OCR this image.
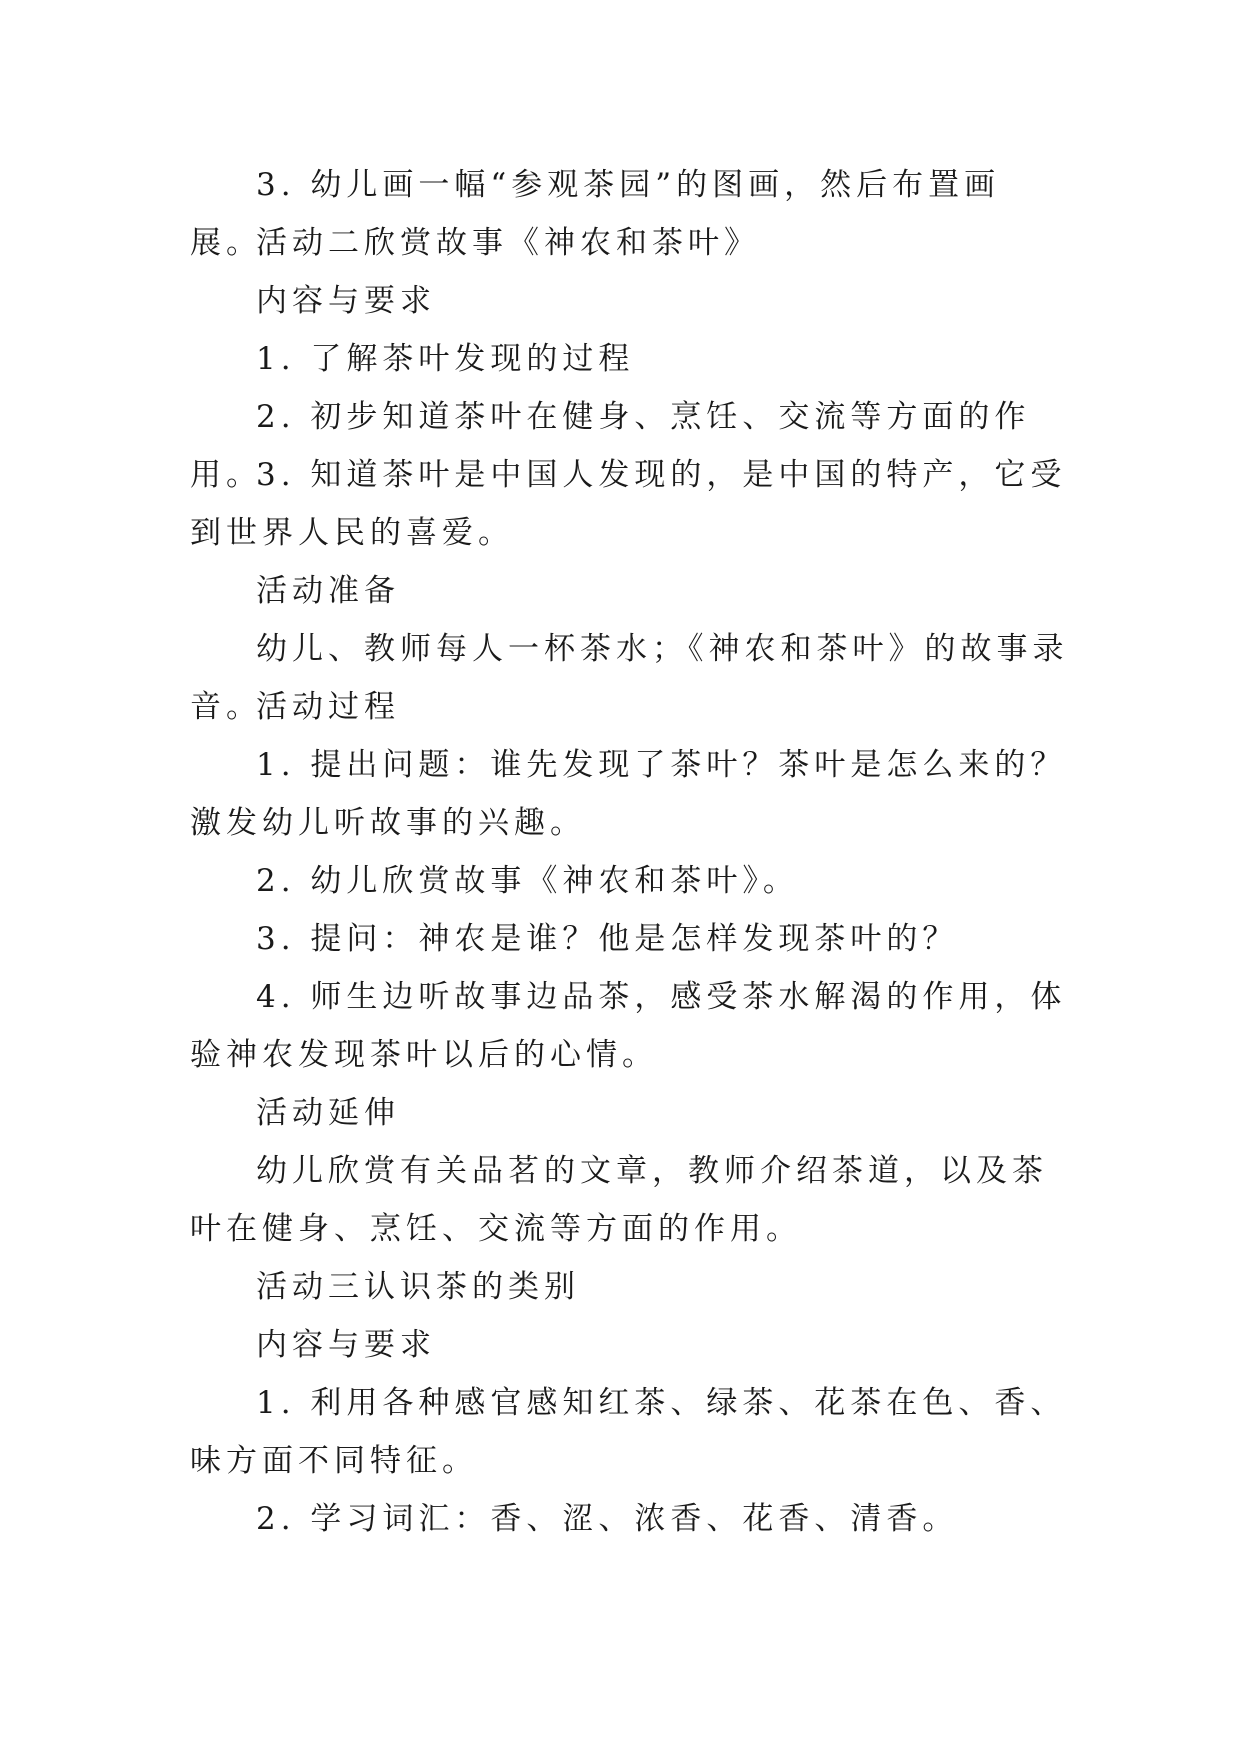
3. 幼儿画一幅“参观茶园”的图画，然后布置画展。

活动二欣赏故事《神农和茶叶》

内容与要求

1. 了解茶叶发现的过程

2. 初步知道茶叶在健身、烹饪、交流等方面的作用。

3. 知道茶叶是中国人发现的，是中国的特产，它受到世界人民的喜爱。

活动准备

幼儿、教师每人一杯茶水；《神农和茶叶》的故事录音。

活动过程

1. 提出问题：谁先发现了茶叶？茶叶是怎么来的？激发幼儿听故事的兴趣。

2. 幼儿欣赏故事《神农和茶叶》。

3. 提问：神农是谁？他是怎样发现茶叶的？

4. 师生边听故事边品茶，感受茶水解渴的作用，体验神农发现茶叶以后的心情。

活动延伸

幼儿欣赏有关品茗的文章，教师介绍茶道，以及茶叶在健身、烹饪、交流等方面的作用。

活动三认识茶的类别

内容与要求

1. 利用各种感官感知红茶、绿茶、花茶在色、香、味方面不同特征。

2. 学习词汇：香、涩、浓香、花香、清香。
